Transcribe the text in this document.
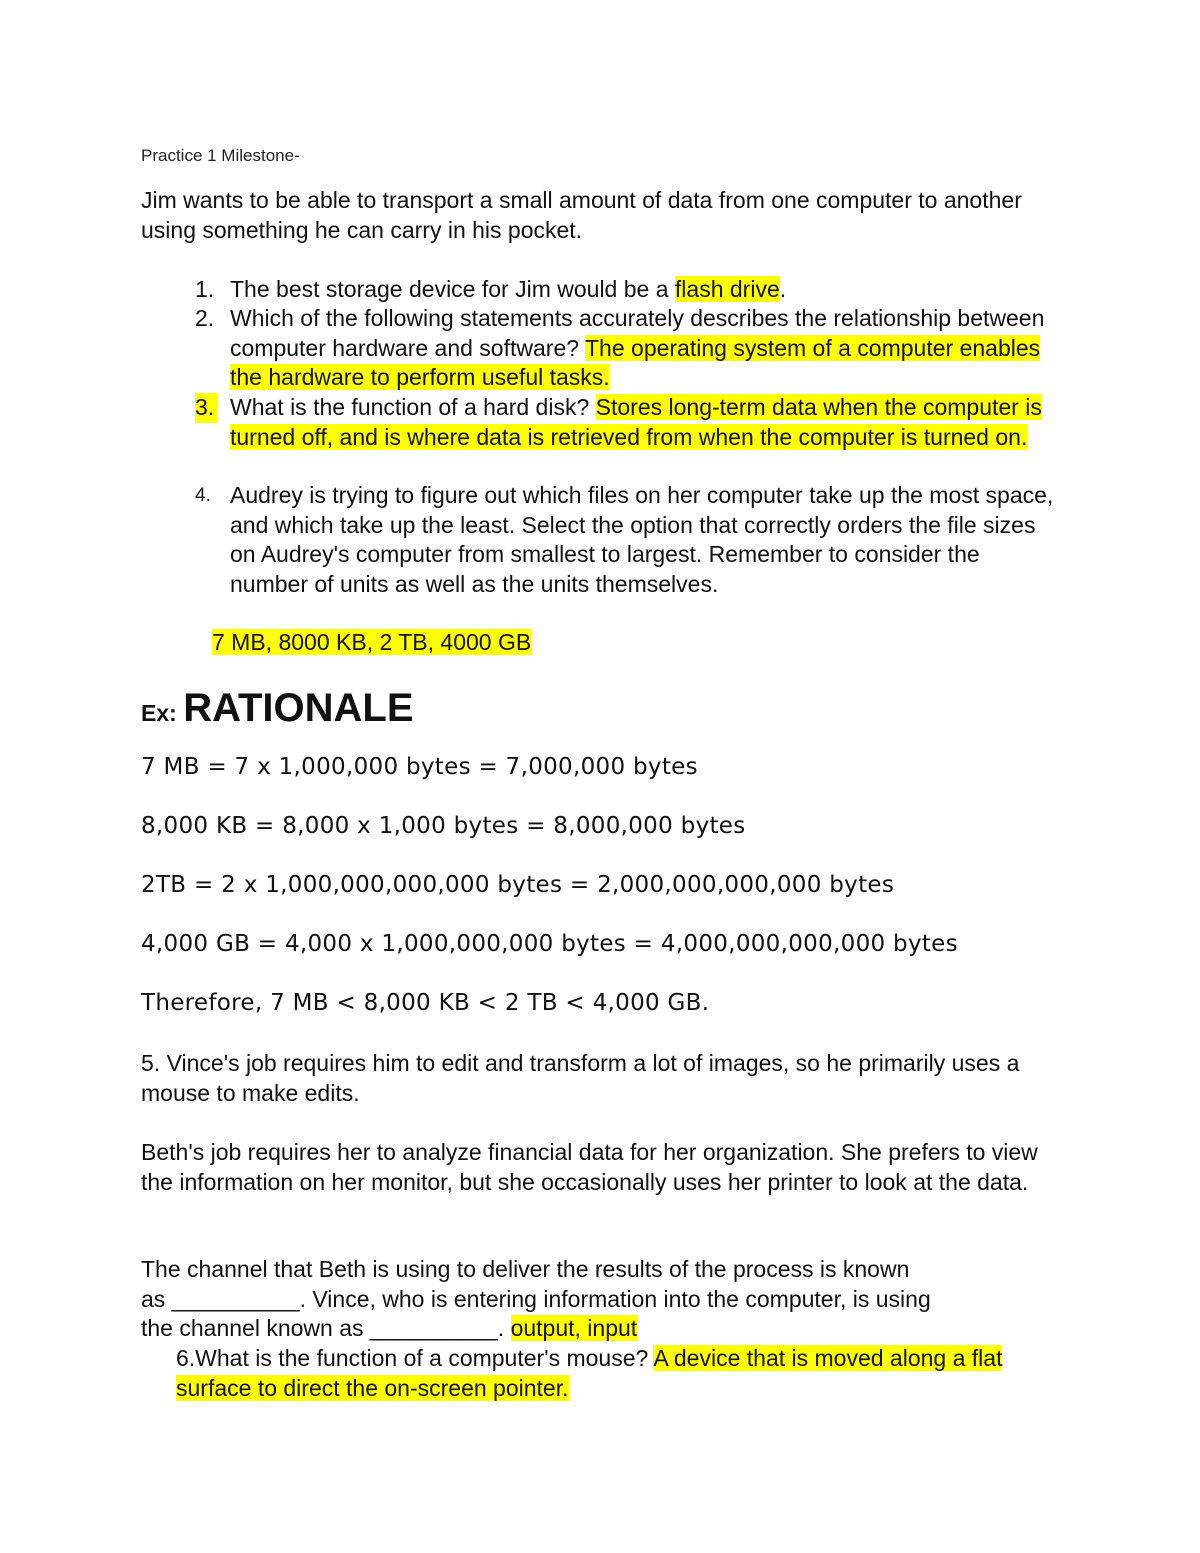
Practice 1 Milestone-
Jim wants to be able to transport a small amount of data from one computer to another using something he can carry in his pocket.
1. The best storage device for Jim would be a flash drive.
2. Which of the following statements accurately describes the relationship between computer hardware and software? The operating system of a computer enables the hardware to perform useful tasks.
3. What is the function of a hard disk? Stores long-term data when the computer is turned off, and is where data is retrieved from when the computer is turned on.
4. Audrey is trying to figure out which files on her computer take up the most space, and which take up the least. Select the option that correctly orders the file sizes on Audrey's computer from smallest to largest. Remember to consider the number of units as well as the units themselves.
7 MB, 8000 KB, 2 TB, 4000 GB
Ex: RATIONALE
7 MB = 7 x 1,000,000 bytes = 7,000,000 bytes
8,000 KB = 8,000 x 1,000 bytes = 8,000,000 bytes
2TB = 2 x 1,000,000,000,000 bytes = 2,000,000,000,000 bytes
4,000 GB = 4,000 x 1,000,000,000 bytes = 4,000,000,000,000 bytes
Therefore, 7 MB < 8,000 KB < 2 TB < 4,000 GB.
5. Vince's job requires him to edit and transform a lot of images, so he primarily uses a mouse to make edits.
Beth's job requires her to analyze financial data for her organization. She prefers to view the information on her monitor, but she occasionally uses her printer to look at the data.
The channel that Beth is using to deliver the results of the process is known
as __________. Vince, who is entering information into the computer, is using
the channel known as __________. output, input
6.What is the function of a computer's mouse? A device that is moved along a flat surface to direct the on-screen pointer.
